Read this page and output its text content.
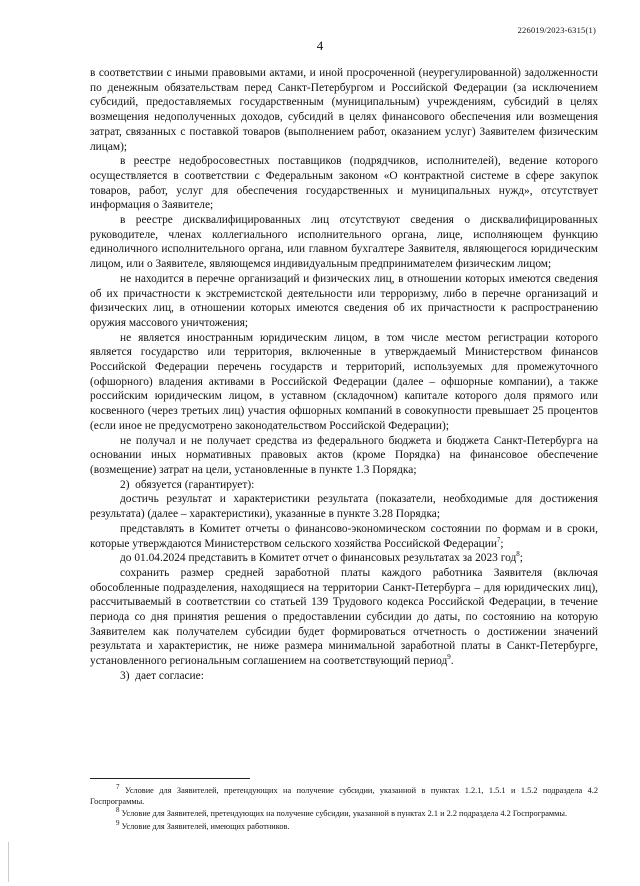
226019/2023-6315(1)
4

в соответствии с иными правовыми актами, и иной просроченной (неурегулированной) задолженности по денежным обязательствам перед Санкт-Петербургом и Российской Федерации (за исключением субсидий, предоставляемых государственным (муниципальным) учреждениям, субсидий в целях возмещения недополученных доходов, субсидий в целях финансового обеспечения или возмещения затрат, связанных с поставкой товаров (выполнением работ, оказанием услуг) Заявителем физическим лицам);

в реестре недобросовестных поставщиков (подрядчиков, исполнителей), ведение которого осуществляется в соответствии с Федеральным законом «О контрактной системе в сфере закупок товаров, работ, услуг для обеспечения государственных и муниципальных нужд», отсутствует информация о Заявителе;

в реестре дисквалифицированных лиц отсутствуют сведения о дисквалифицированных руководителе, членах коллегиального исполнительного органа, лице, исполняющем функцию единоличного исполнительного органа, или главном бухгалтере Заявителя, являющегося юридическим лицом, или о Заявителе, являющемся индивидуальным предпринимателем физическим лицом;

не находится в перечне организаций и физических лиц, в отношении которых имеются сведения об их причастности к экстремистской деятельности или терроризму, либо в перечне организаций и физических лиц, в отношении которых имеются сведения об их причастности к распространению оружия массового уничтожения;

не является иностранным юридическим лицом, в том числе местом регистрации которого является государство или территория, включенные в утверждаемый Министерством финансов Российской Федерации перечень государств и территорий, используемых для промежуточного (офшорного) владения активами в Российской Федерации (далее – офшорные компании), а также российским юридическим лицом, в уставном (складочном) капитале которого доля прямого или косвенного (через третьих лиц) участия офшорных компаний в совокупности превышает 25 процентов (если иное не предусмотрено законодательством Российской Федерации);

не получал и не получает средства из федерального бюджета и бюджета Санкт-Петербурга на основании иных нормативных правовых актов (кроме Порядка) на финансовое обеспечение (возмещение) затрат на цели, установленные в пункте 1.3 Порядка;

2)  обязуется (гарантирует):

достичь результат и характеристики результата (показатели, необходимые для достижения результата) (далее – характеристики), указанные в пункте 3.28 Порядка;

представлять в Комитет отчеты о финансово-экономическом состоянии по формам и в сроки, которые утверждаются Министерством сельского хозяйства Российской Федерации$^7$;

до 01.04.2024 представить в Комитет отчет о финансовых результатах за 2023 год$^8$;

сохранить размер средней заработной платы каждого работника Заявителя (включая обособленные подразделения, находящиеся на территории Санкт-Петербурга – для юридических лиц), рассчитываемый в соответствии со статьей 139 Трудового кодекса Российской Федерации, в течение периода со дня принятия решения о предоставлении субсидии до даты, по состоянию на которую Заявителем как получателем субсидии будет формироваться отчетность о достижении значений результата и характеристик, не ниже размера минимальной заработной платы в Санкт-Петербурге, установленного региональным соглашением на соответствующий период$^9$.

3)  дает согласие:

$^7$ Условие для Заявителей, претендующих на получение субсидии, указанной в пунктах 1.2.1, 1.5.1 и 1.5.2 подраздела 4.2 Госпрограммы.

$^8$ Условие для Заявителей, претендующих на получение субсидии, указанной в пунктах 2.1 и 2.2 подраздела 4.2 Госпрограммы.

$^9$ Условие для Заявителей, имеющих работников.
